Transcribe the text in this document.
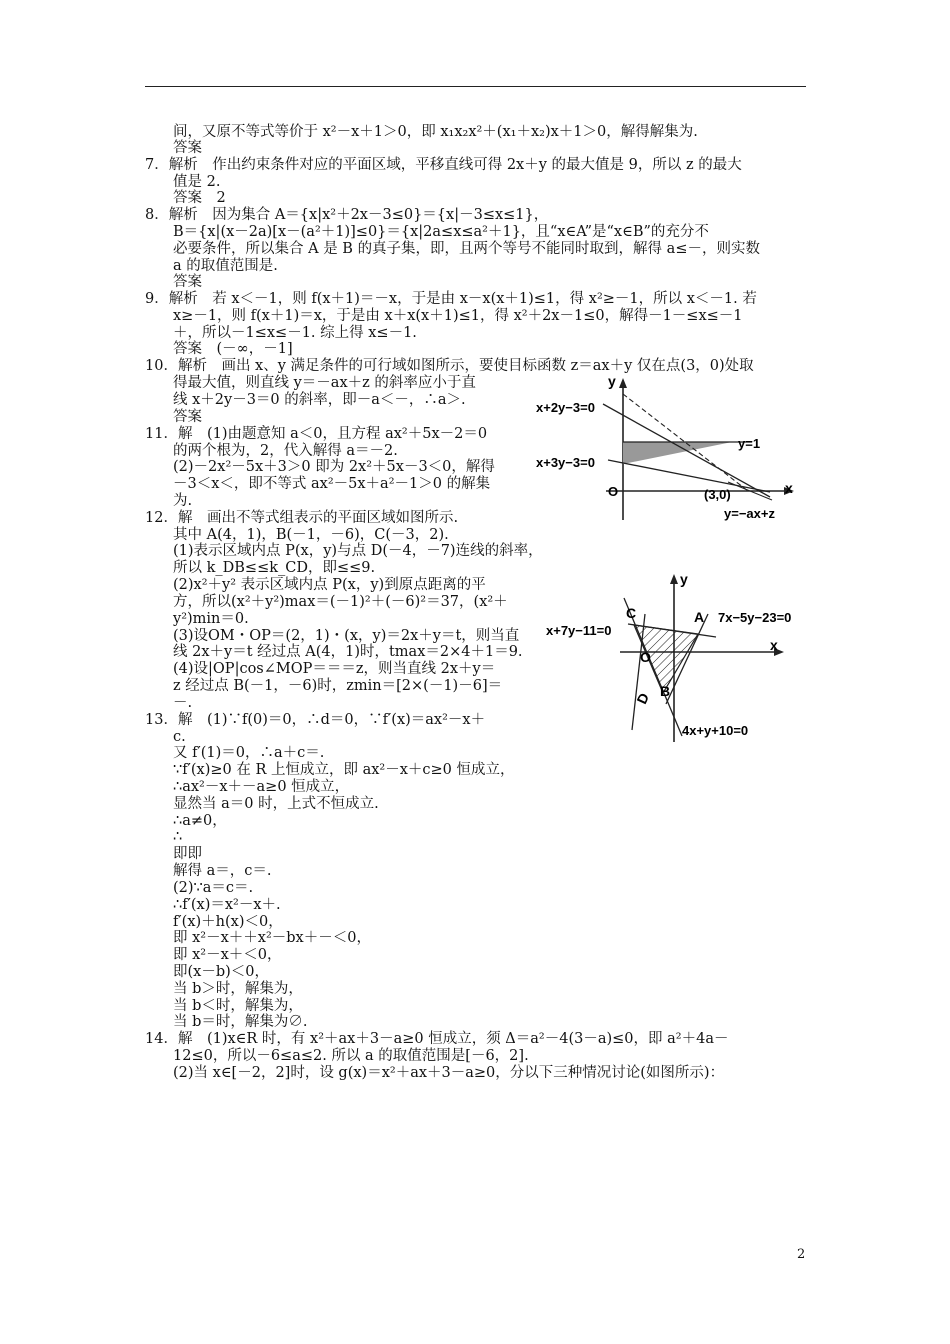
间，又原不等式等价于 x²－x＋1＞0，即 x₁x₂x²＋(x₁＋x₂)x＋1＞0，解得解集为.
答案
7．解析　作出约束条件对应的平面区域，平移直线可得 2x＋y 的最大值是 9，所以 z 的最大
值是 2.
答案　2
8．解析　因为集合 A＝{x|x²＋2x－3≤0}＝{x|－3≤x≤1}，
B＝{x|(x－2a)[x－(a²＋1)]≤0}＝{x|2a≤x≤a²＋1}，且“x∈A”是“x∈B”的充分不
必要条件，所以集合 A 是 B 的真子集，即，且两个等号不能同时取到，解得 a≤－，则实数
a 的取值范围是.
答案
9．解析　若 x＜－1，则 f(x＋1)＝－x，于是由 x－x(x＋1)≤1，得 x²≥－1，所以 x＜－1. 若
x≥－1，则 f(x＋1)＝x，于是由 x＋x(x＋1)≤1，得 x²＋2x－1≤0，解得－1－≤x≤－1
＋，所以－1≤x≤－1. 综上得 x≤－1.
答案　(－∞，－1]
10．解析　画出 x、y 满足条件的可行域如图所示，要使目标函数 z＝ax＋y 仅在点(3，0)处取
得最大值，则直线 y＝－ax＋z 的斜率应小于直
线 x＋2y－3＝0 的斜率，即－a＜－，∴a＞.
答案
11．解　(1)由题意知 a＜0，且方程 ax²＋5x－2＝0
的两个根为，2，代入解得 a＝－2.
(2)－2x²－5x＋3＞0 即为 2x²＋5x－3＜0，解得
－3＜x＜，即不等式 ax²－5x＋a²－1＞0 的解集
为.
12．解　画出不等式组表示的平面区域如图所示.
其中 A(4，1)，B(－1，－6)，C(－3，2).
(1)表示区域内点 P(x，y)与点 D(－4，－7)连线的斜率，
所以 k_DB≤≤k_CD，即≤≤9.
(2)x²＋y² 表示区域内点 P(x，y)到原点距离的平
方，所以(x²＋y²)max＝(－1)²＋(－6)²＝37，(x²＋
y²)min＝0.
(3)设OM・OP＝(2，1)・(x，y)＝2x＋y＝t，则当直
线 2x＋y＝t 经过点 A(4，1)时，tmax＝2×4＋1＝9.
(4)设|OP|cos∠MOP＝＝＝z，则当直线 2x＋y＝
z 经过点 B(－1，－6)时，zmin＝[2×(－1)－6]＝
－.
13．解　(1)∵f(0)＝0，∴d＝0，∵f′(x)＝ax²－x＋
c.
又 f′(1)＝0，∴a＋c＝.
∵f′(x)≥0 在 R 上恒成立，即 ax²－x＋c≥0 恒成立，
∴ax²－x＋－a≥0 恒成立，
显然当 a＝0 时，上式不恒成立.
∴a≠0，
∴
即即
解得 a＝，c＝.
(2)∵a＝c＝.
∴f′(x)＝x²－x＋.
f′(x)＋h(x)＜0，
即 x²－x＋＋x²－bx＋－＜0，
即 x²－x＋＜0，
即(x－b)＜0，
当 b＞时，解集为，
当 b＜时，解集为，
当 b＝时，解集为∅.
14．解　(1)x∈R 时，有 x²＋ax＋3－a≥0 恒成立，须 Δ＝a²－4(3－a)≤0，即 a²＋4a－
12≤0，所以－6≤a≤2. 所以 a 的取值范围是[－6，2].
(2)当 x∈[－2，2]时，设 g(x)＝x²＋ax＋3－a≥0，分以下三种情况讨论(如图所示)：
y
x
x+2y−3=0
y=1
x+3y−3=0
O	(3,0)
y=−ax+z
y
x
C	A 7x−5y−23=0
x+7y−11=0
O
D B
4x+y+10=0
2
